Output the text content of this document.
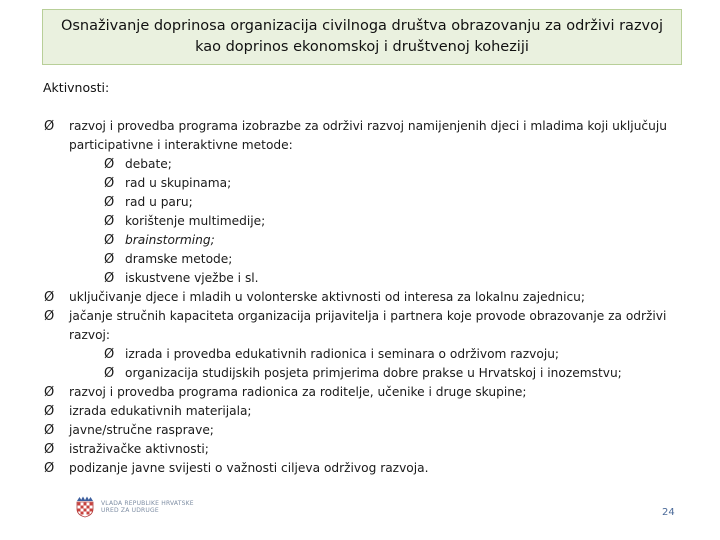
Osnaživanje doprinosa organizacija civilnoga društva obrazovanju za održivi razvoj
kao doprinos ekonomskoj i društvenoj koheziji
Aktivnosti:
Ø razvoj i provedba programa izobrazbe za održivi razvoj namijenjenih djeci i mladima koji uključuju participativne i interaktivne metode:
Ø debate;
Ø rad u skupinama;
Ø rad u paru;
Ø korištenje multimedije;
Ø brainstorming;
Ø dramske metode;
Ø iskustvene vježbe i sl.
Ø uključivanje djece i mladih u volonterske aktivnosti od interesa za lokalnu zajednicu;
Ø jačanje stručnih kapaciteta organizacija prijavitelja i partnera koje provode obrazovanje za održivi razvoj:
Ø izrada i provedba edukativnih radionica i seminara o održivom razvoju;
Ø organizacija studijskih posjeta primjerima dobre prakse u Hrvatskoj i inozemstvu;
Ø razvoj i provedba programa radionica za roditelje, učenike i druge skupine;
Ø izrada edukativnih materijala;
Ø javne/stručne rasprave;
Ø istraživačke aktivnosti;
Ø podizanje javne svijesti o važnosti ciljeva održivog razvoja.
VLADA REPUBLIKE HRVATSKE
URED ZA UDRUGE	24
